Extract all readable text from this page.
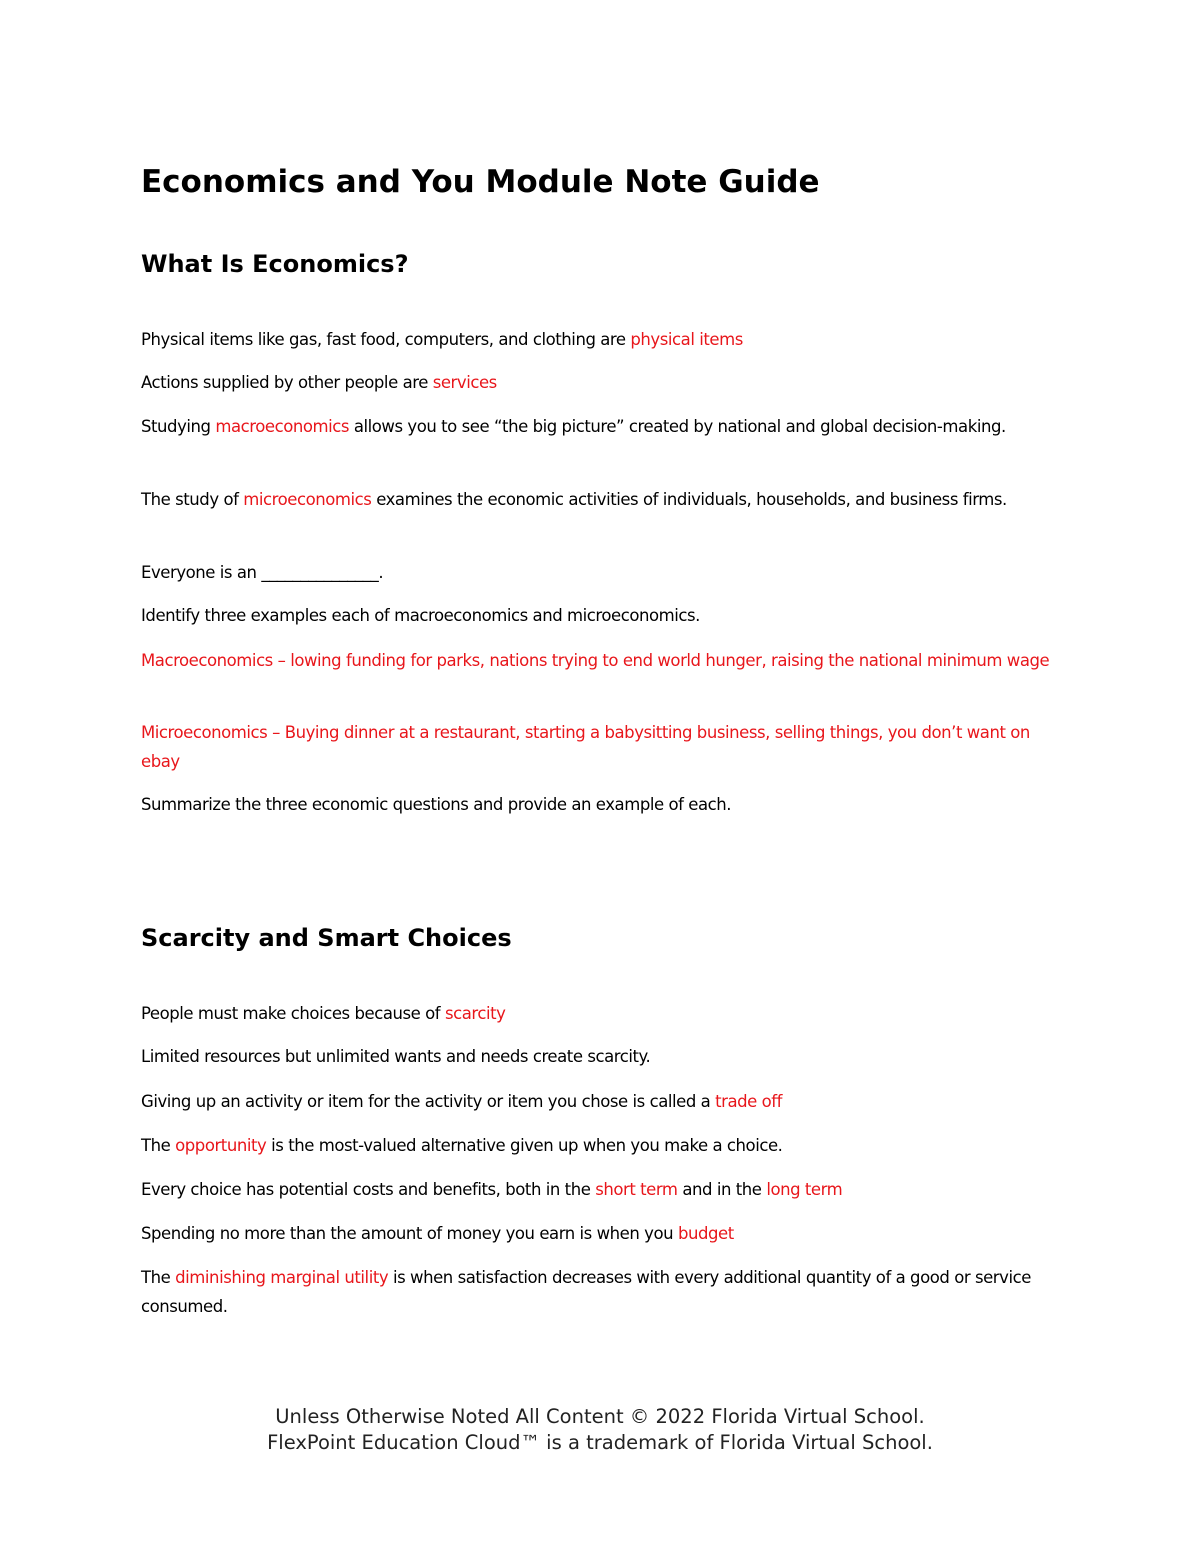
Economics and You Module Note Guide
What Is Economics?

Physical items like gas, fast food, computers, and clothing are physical items

Actions supplied by other people are services

Studying macroeconomics allows you to see “the big picture” created by national and global decision-making.

The study of microeconomics examines the economic activities of individuals, households, and business firms.

Everyone is an _______________.

Identify three examples each of macroeconomics and microeconomics.

Macroeconomics – lowing funding for parks, nations trying to end world hunger, raising the national minimum wage

Microeconomics – Buying dinner at a restaurant, starting a babysitting business, selling things, you don’t want on ebay

Summarize the three economic questions and provide an example of each.

Scarcity and Smart Choices

People must make choices because of scarcity

Limited resources but unlimited wants and needs create scarcity.

Giving up an activity or item for the activity or item you chose is called a trade off

The opportunity is the most-valued alternative given up when you make a choice.

Every choice has potential costs and benefits, both in the short term and in the long term

Spending no more than the amount of money you earn is when you budget

The diminishing marginal utility is when satisfaction decreases with every additional quantity of a good or service consumed.

Unless Otherwise Noted All Content © 2022 Florida Virtual School.
FlexPoint Education Cloud™ is a trademark of Florida Virtual School.
